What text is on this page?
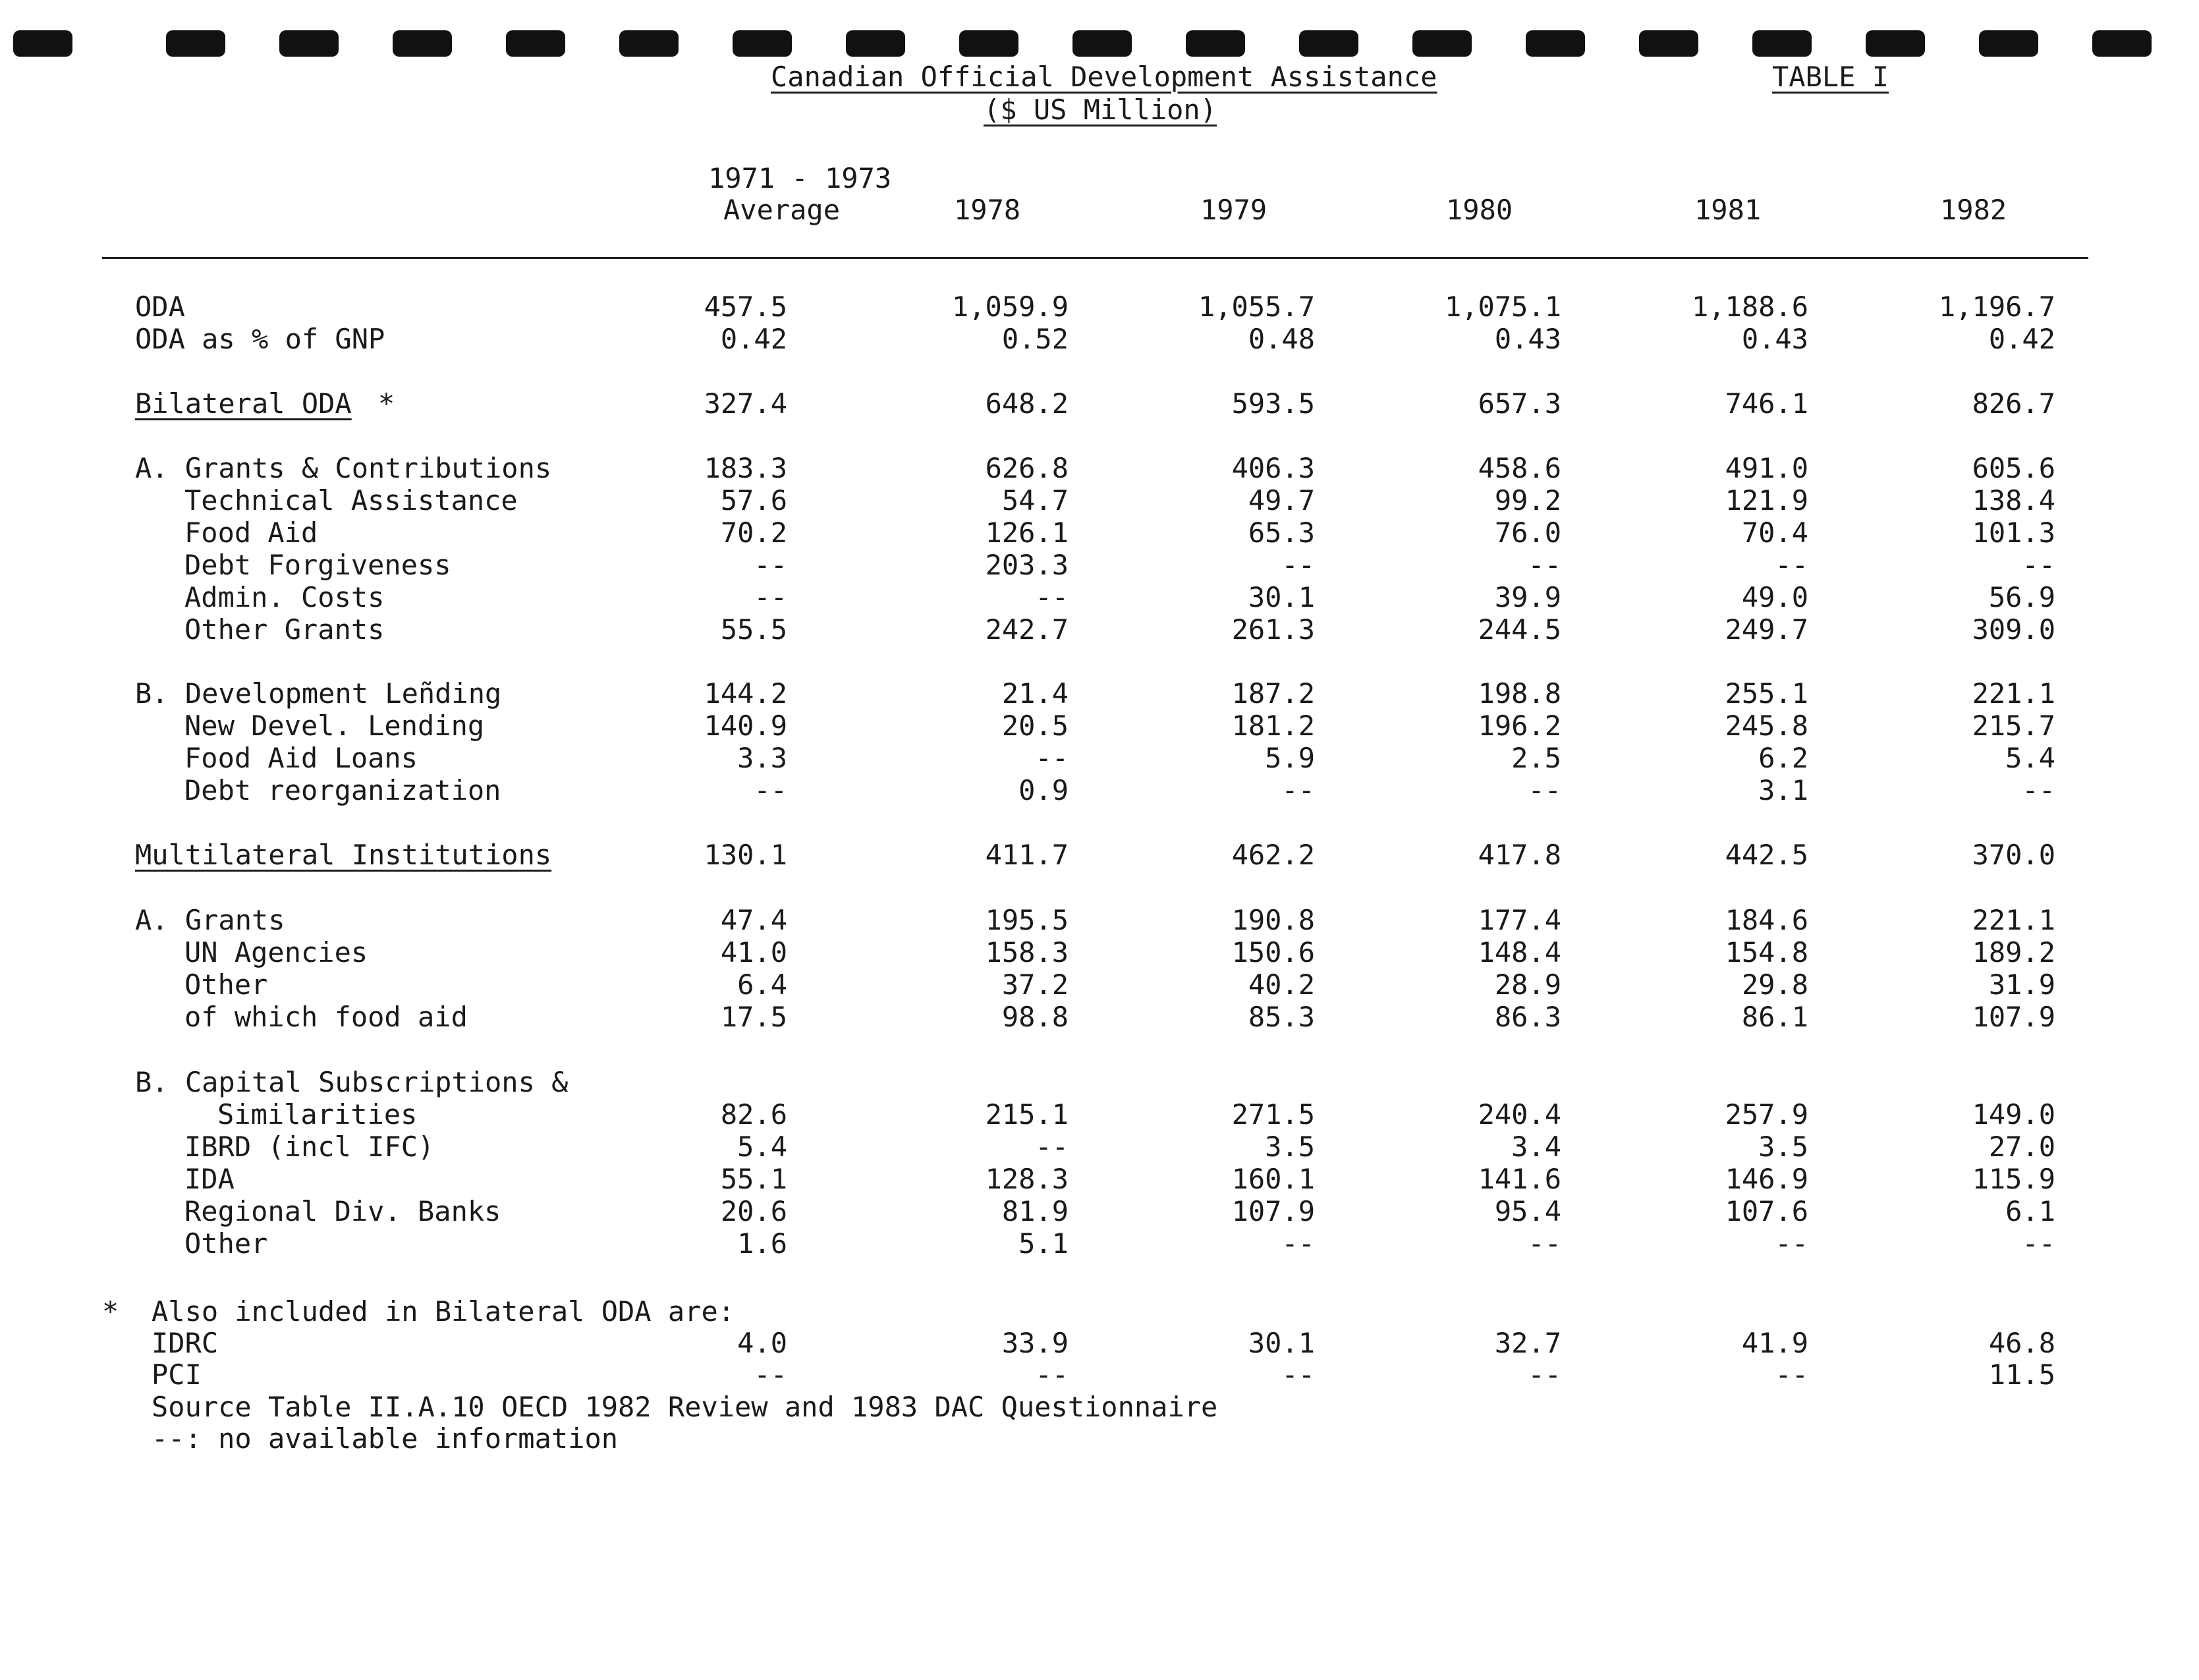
Canadian Official Development Assistance
($ US Million)
TABLE I
1971 - 1973
Average	1978	1979	1980	1981	1982
ODA	457.5	1,059.9	1,055.7	1,075.1	1,188.6	1,196.7
ODA as % of GNP	0.42	0.52	0.48	0.43	0.43	0.42
Bilateral ODA *	327.4	648.2	593.5	657.3	746.1	826.7
A. Grants & Contributions	183.3	626.8	406.3	458.6	491.0	605.6
Technical Assistance	57.6	54.7	49.7	99.2	121.9	138.4
Food Aid	70.2	126.1	65.3	76.0	70.4	101.3
Debt Forgiveness	--	203.3	--	--	--	--
Admin. Costs	--	--	30.1	39.9	49.0	56.9
Other Grants	55.5	242.7	261.3	244.5	249.7	309.0
B. Development Leñding	144.2	21.4	187.2	198.8	255.1	221.1
New Devel. Lending	140.9	20.5	181.2	196.2	245.8	215.7
Food Aid Loans	3.3	--	5.9	2.5	6.2	5.4
Debt reorganization	--	0.9	--	--	3.1	--
Multilateral Institutions	130.1	411.7	462.2	417.8	442.5	370.0
A. Grants	47.4	195.5	190.8	177.4	184.6	221.1
UN Agencies	41.0	158.3	150.6	148.4	154.8	189.2
Other	6.4	37.2	40.2	28.9	29.8	31.9
of which food aid	17.5	98.8	85.3	86.3	86.1	107.9
B. Capital Subscriptions &
Similarities	82.6	215.1	271.5	240.4	257.9	149.0
IBRD (incl IFC)	5.4	--	3.5	3.4	3.5	27.0
IDA	55.1	128.3	160.1	141.6	146.9	115.9
Regional Div. Banks	20.6	81.9	107.9	95.4	107.6	6.1
Other	1.6	5.1	--	--	--	--
* Also included in Bilateral ODA are:
IDRC	4.0	33.9	30.1	32.7	41.9	46.8
PCI	--	--	--	--	--	11.5
Source Table II.A.10 OECD 1982 Review and 1983 DAC Questionnaire
--: no available information
